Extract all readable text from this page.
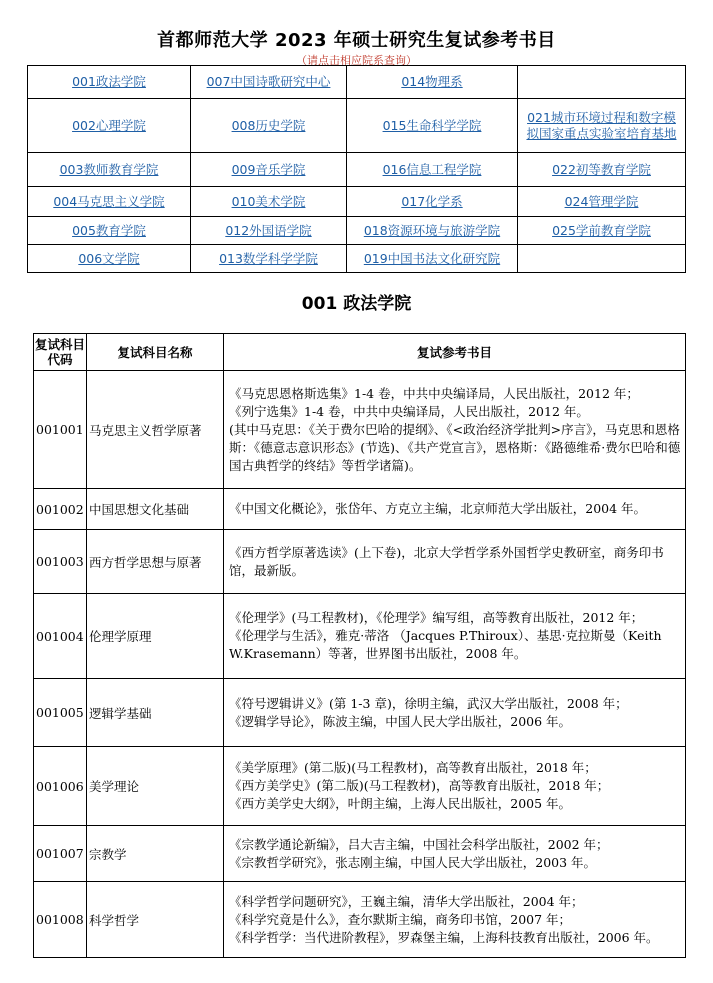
首都师范大学 2023 年硕士研究生复试参考书目
（请点击相应院系查询）
001政法学院	007中国诗歌研究中心	014物理系	
002心理学院	008历史学院	015生命科学学院	021城市环境过程和数字模拟国家重点实验室培育基地
003教师教育学院	009音乐学院	016信息工程学院	022初等教育学院
004马克思主义学院	010美术学院	017化学系	024管理学院
005教育学院	012外国语学院	018资源环境与旅游学院	025学前教育学院
006文学院	013数学科学学院	019中国书法文化研究院	
001 政法学院
复试科目代码	复试科目名称	复试参考书目
001001	马克思主义哲学原著	《马克思恩格斯选集》1-4 卷，中共中央编译局，人民出版社，2012 年；
《列宁选集》1-4 卷，中共中央编译局，人民出版社，2012 年。
(其中马克思：《关于费尔巴哈的提纲》、《<政治经济学批判>序言》，马克思和恩格斯：《德意志意识形态》(节选)、《共产党宣言》，恩格斯：《路德维希·费尔巴哈和德国古典哲学的终结》等哲学诸篇)。

001002	中国思想文化基础	《中国文化概论》，张岱年、方克立主编，北京师范大学出版社，2004 年。

001003	西方哲学思想与原著	《西方哲学原著选读》(上下卷)，北京大学哲学系外国哲学史教研室，商务印书馆，最新版。

001004	伦理学原理	《伦理学》(马工程教材)，《伦理学》编写组，高等教育出版社，2012 年；
《伦理学与生活》，雅克·蒂洛 （Jacques P.Thiroux）、基思·克拉斯曼（Keith W.Krasemann）等著，世界图书出版社，2008 年。

001005	逻辑学基础	《符号逻辑讲义》(第 1-3 章)，徐明主编，武汉大学出版社，2008 年；
《逻辑学导论》，陈波主编，中国人民大学出版社，2006 年。

001006	美学理论	《美学原理》(第二版)(马工程教材)，高等教育出版社，2018 年；
《西方美学史》(第二版)(马工程教材)，高等教育出版社，2018 年；
《西方美学史大纲》，叶朗主编，上海人民出版社，2005 年。

001007	宗教学	《宗教学通论新编》，吕大吉主编，中国社会科学出版社，2002 年；
《宗教哲学研究》，张志刚主编，中国人民大学出版社，2003 年。

001008	科学哲学	《科学哲学问题研究》，王巍主编，清华大学出版社，2004 年；
《科学究竟是什么》，查尔默斯主编，商务印书馆，2007 年；
《科学哲学：当代进阶教程》，罗森堡主编，上海科技教育出版社，2006 年。
